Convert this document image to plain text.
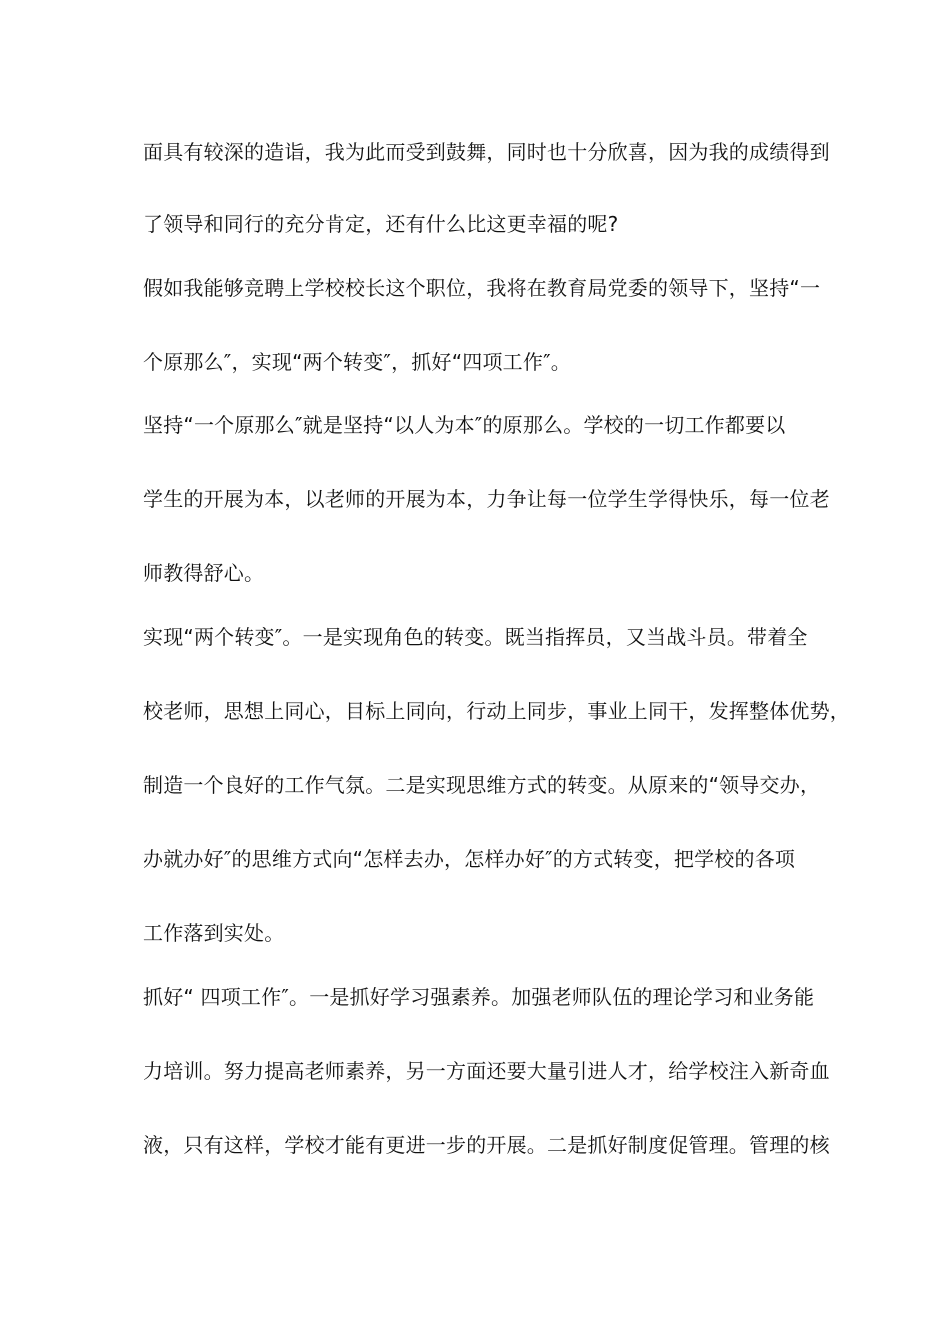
面具有较深的造诣，我为此而受到鼓舞，同时也十分欣喜，因为我的成绩得到
了领导和同行的充分肯定，还有什么比这更幸福的呢?
假如我能够竞聘上学校校长这个职位，我将在教育局党委的领导下，坚持“一
个原那么″，实现“两个转变″，抓好“四项工作″。
坚持“一个原那么″就是坚持“以人为本″的原那么。学校的一切工作都要以
学生的开展为本，以老师的开展为本，力争让每一位学生学得快乐，每一位老
师教得舒心。
实现“两个转变″。一是实现角色的转变。既当指挥员，又当战斗员。带着全
校老师，思想上同心，目标上同向，行动上同步，事业上同干，发挥整体优势，
制造一个良好的工作气氛。二是实现思维方式的转变。从原来的“领导交办，
办就办好″的思维方式向“怎样去办，怎样办好″的方式转变，把学校的各项
工作落到实处。
抓好“ 四项工作″。一是抓好学习强素养。加强老师队伍的理论学习和业务能
力培训。努力提高老师素养，另一方面还要大量引进人才，给学校注入新奇血
液，只有这样，学校才能有更进一步的开展。二是抓好制度促管理。管理的核
